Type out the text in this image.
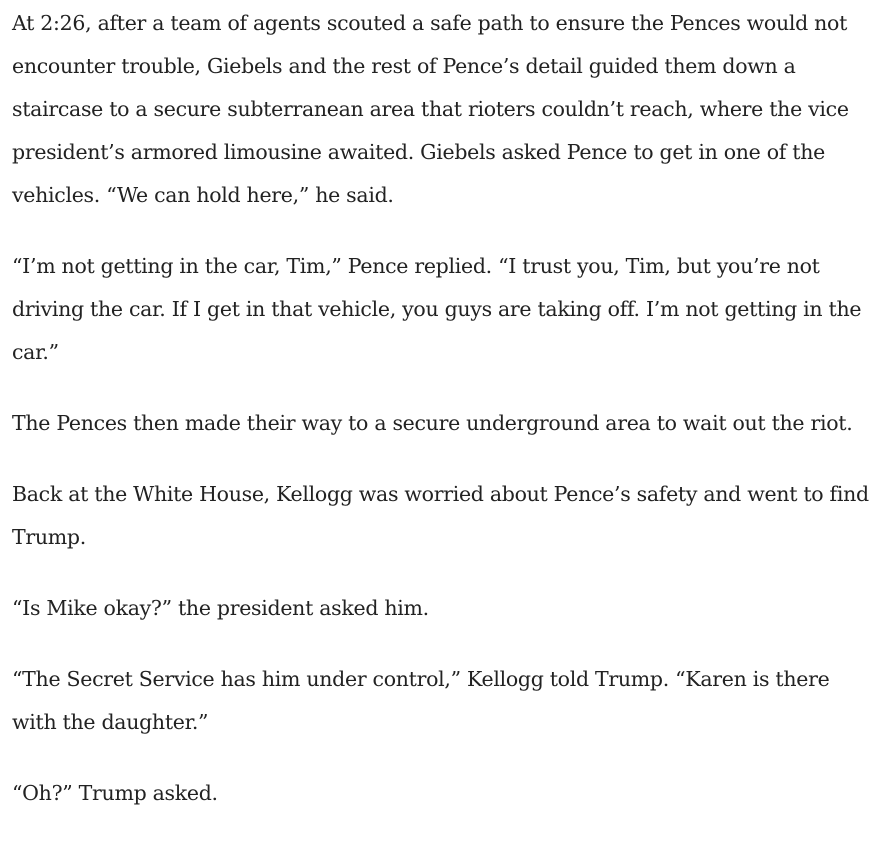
At 2:26, after a team of agents scouted a safe path to ensure the Pences would not encounter trouble, Giebels and the rest of Pence’s detail guided them down a staircase to a secure subterranean area that rioters couldn’t reach, where the vice president’s armored limousine awaited. Giebels asked Pence to get in one of the vehicles. “We can hold here,” he said.

“I’m not getting in the car, Tim,” Pence replied. “I trust you, Tim, but you’re not driving the car. If I get in that vehicle, you guys are taking off. I’m not getting in the car.”

The Pences then made their way to a secure underground area to wait out the riot.

Back at the White House, Kellogg was worried about Pence’s safety and went to find Trump.

“Is Mike okay?” the president asked him.

“The Secret Service has him under control,” Kellogg told Trump. “Karen is there with the daughter.”

“Oh?” Trump asked.
